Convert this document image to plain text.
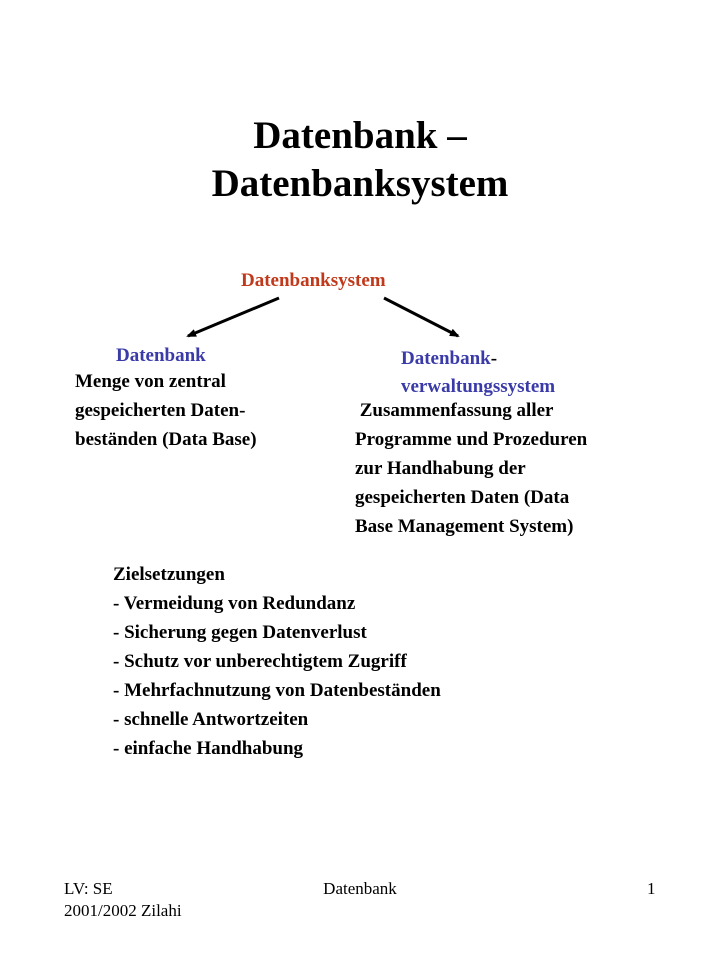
Datenbank –
Datenbanksystem
Datenbanksystem
Datenbank	Datenbank-
verwaltungssystem
Menge von zentral
gespeicherten Daten-
beständen (Data Base)
Zusammenfassung aller
Programme und Prozeduren
zur Handhabung der
gespeicherten Daten (Data
Base Management System)
Zielsetzungen
- Vermeidung von Redundanz
- Sicherung gegen Datenverlust
- Schutz vor unberechtigtem Zugriff
- Mehrfachnutzung von Datenbeständen
- schnelle Antwortzeiten
- einfache Handhabung
LV: SE
2001/2002 Zilahi
Datenbank	1
